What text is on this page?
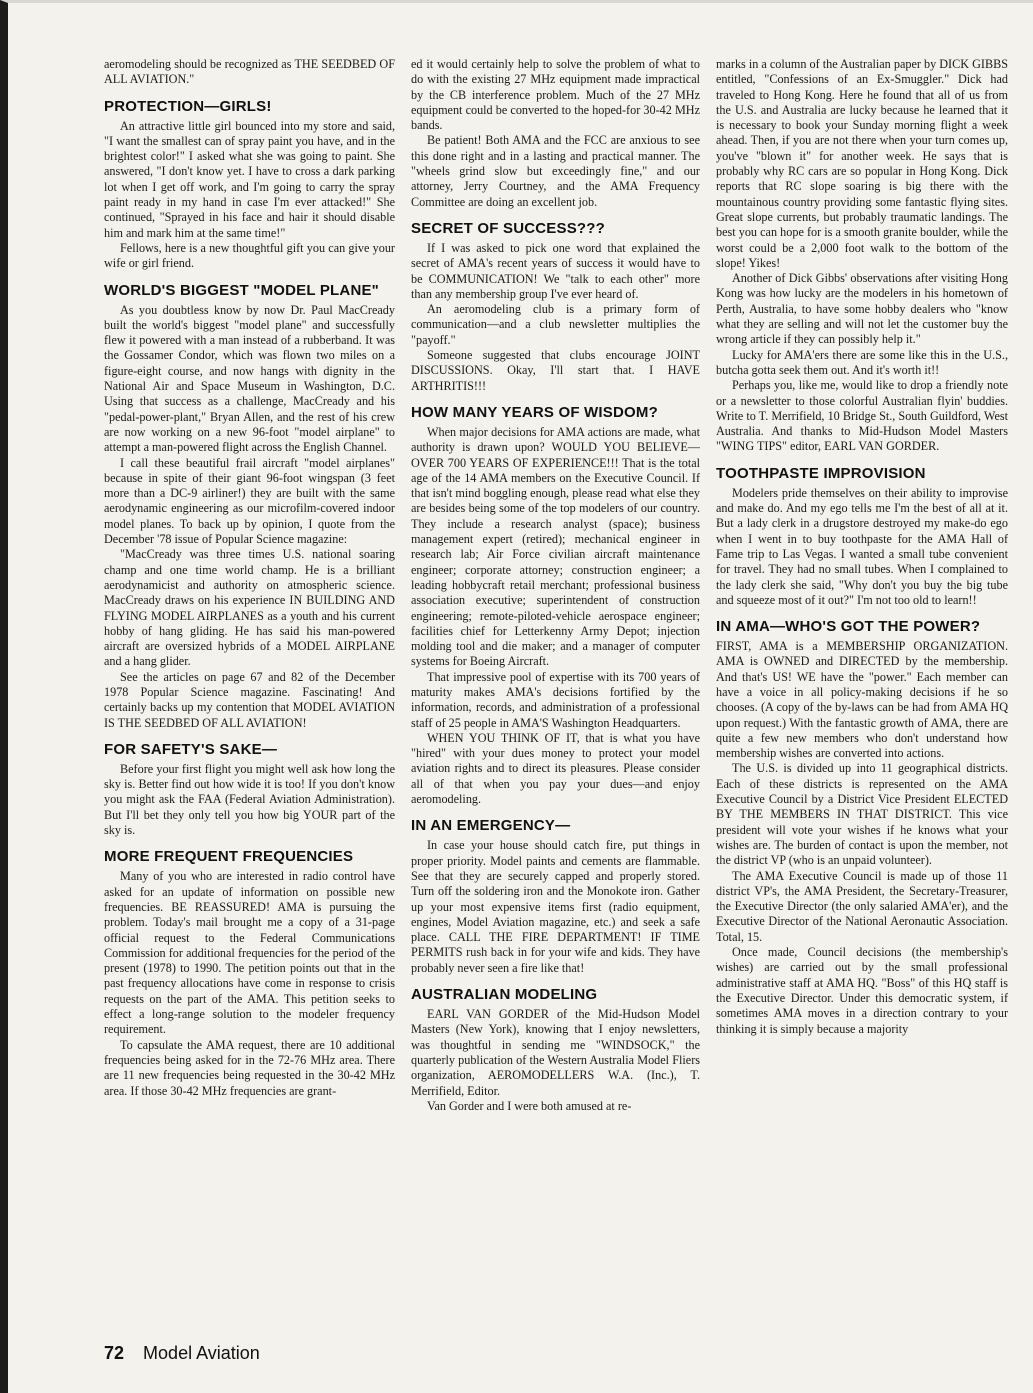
aeromodeling should be recognized as THE SEEDBED OF ALL AVIATION."

PROTECTION—GIRLS!

An attractive little girl bounced into my store and said, "I want the smallest can of spray paint you have, and in the brightest color!" I asked what she was going to paint. She answered, "I don't know yet. I have to cross a dark parking lot when I get off work, and I'm going to carry the spray paint ready in my hand in case I'm ever attacked!" She continued, "Sprayed in his face and hair it should disable him and mark him at the same time!"

Fellows, here is a new thoughtful gift you can give your wife or girl friend.

WORLD'S BIGGEST "MODEL PLANE"

As you doubtless know by now Dr. Paul MacCready built the world's biggest "model plane" and successfully flew it powered with a man instead of a rubberband. It was the Gossamer Condor, which was flown two miles on a figure-eight course, and now hangs with dignity in the National Air and Space Museum in Washington, D.C. Using that success as a challenge, MacCready and his "pedal-power-plant," Bryan Allen, and the rest of his crew are now working on a new 96-foot "model airplane" to attempt a man-powered flight across the English Channel.

I call these beautiful frail aircraft "model airplanes" because in spite of their giant 96-foot wingspan (3 feet more than a DC-9 airliner!) they are built with the same aerodynamic engineering as our microfilm-covered indoor model planes. To back up by opinion, I quote from the December '78 issue of Popular Science magazine:

"MacCready was three times U.S. national soaring champ and one time world champ. He is a brilliant aerodynamicist and authority on atmospheric science. MacCready draws on his experience IN BUILDING AND FLYING MODEL AIRPLANES as a youth and his current hobby of hang gliding. He has said his man-powered aircraft are oversized hybrids of a MODEL AIRPLANE and a hang glider.

See the articles on page 67 and 82 of the December 1978 Popular Science magazine. Fascinating! And certainly backs up my contention that MODEL AVIATION IS THE SEEDBED OF ALL AVIATION!

FOR SAFETY'S SAKE—

Before your first flight you might well ask how long the sky is. Better find out how wide it is too! If you don't know you might ask the FAA (Federal Aviation Administration). But I'll bet they only tell you how big YOUR part of the sky is.

MORE FREQUENT FREQUENCIES

Many of you who are interested in radio control have asked for an update of information on possible new frequencies. BE REASSURED! AMA is pursuing the problem. Today's mail brought me a copy of a 31-page official request to the Federal Communications Commission for additional frequencies for the period of the present (1978) to 1990. The petition points out that in the past frequency allocations have come in response to crisis requests on the part of the AMA. This petition seeks to effect a long-range solution to the modeler frequency requirement.

To capsulate the AMA request, there are 10 additional frequencies being asked for in the 72-76 MHz area. There are 11 new frequencies being requested in the 30-42 MHz area. If those 30-42 MHz frequencies are grant-

ed it would certainly help to solve the problem of what to do with the existing 27 MHz equipment made impractical by the CB interference problem. Much of the 27 MHz equipment could be converted to the hoped-for 30-42 MHz bands.

Be patient! Both AMA and the FCC are anxious to see this done right and in a lasting and practical manner. The "wheels grind slow but exceedingly fine," and our attorney, Jerry Courtney, and the AMA Frequency Committee are doing an excellent job.

SECRET OF SUCCESS???

If I was asked to pick one word that explained the secret of AMA's recent years of success it would have to be COMMUNICATION! We "talk to each other" more than any membership group I've ever heard of.

An aeromodeling club is a primary form of communication—and a club newsletter multiplies the "payoff."

Someone suggested that clubs encourage JOINT DISCUSSIONS. Okay, I'll start that. I HAVE ARTHRITIS!!!

HOW MANY YEARS OF WISDOM?

When major decisions for AMA actions are made, what authority is drawn upon? WOULD YOU BELIEVE—OVER 700 YEARS OF EXPERIENCE!!! That is the total age of the 14 AMA members on the Executive Council. If that isn't mind boggling enough, please read what else they are besides being some of the top modelers of our country. They include a research analyst (space); business management expert (retired); mechanical engineer in research lab; Air Force civilian aircraft maintenance engineer; corporate attorney; construction engineer; a leading hobbycraft retail merchant; professional business association executive; superintendent of construction engineering; remote-piloted-vehicle aerospace engineer; facilities chief for Letterkenny Army Depot; injection molding tool and die maker; and a manager of computer systems for Boeing Aircraft.

That impressive pool of expertise with its 700 years of maturity makes AMA's decisions fortified by the information, records, and administration of a professional staff of 25 people in AMA'S Washington Headquarters.

WHEN YOU THINK OF IT, that is what you have "hired" with your dues money to protect your model aviation rights and to direct its pleasures. Please consider all of that when you pay your dues—and enjoy aeromodeling.

IN AN EMERGENCY—

In case your house should catch fire, put things in proper priority. Model paints and cements are flammable. See that they are securely capped and properly stored. Turn off the soldering iron and the Monokote iron. Gather up your most expensive items first (radio equipment, engines, Model Aviation magazine, etc.) and seek a safe place. CALL THE FIRE DEPARTMENT! IF TIME PERMITS rush back in for your wife and kids. They have probably never seen a fire like that!

AUSTRALIAN MODELING

EARL VAN GORDER of the Mid-Hudson Model Masters (New York), knowing that I enjoy newsletters, was thoughtful in sending me "WINDSOCK," the quarterly publication of the Western Australia Model Fliers organization, AEROMODELLERS W.A. (Inc.), T. Merrifield, Editor.

Van Gorder and I were both amused at re-

marks in a column of the Australian paper by DICK GIBBS entitled, "Confessions of an Ex-Smuggler." Dick had traveled to Hong Kong. Here he found that all of us from the U.S. and Australia are lucky because he learned that it is necessary to book your Sunday morning flight a week ahead. Then, if you are not there when your turn comes up, you've "blown it" for another week. He says that is probably why RC cars are so popular in Hong Kong. Dick reports that RC slope soaring is big there with the mountainous country providing some fantastic flying sites. Great slope currents, but probably traumatic landings. The best you can hope for is a smooth granite boulder, while the worst could be a 2,000 foot walk to the bottom of the slope! Yikes!

Another of Dick Gibbs' observations after visiting Hong Kong was how lucky are the modelers in his hometown of Perth, Australia, to have some hobby dealers who "know what they are selling and will not let the customer buy the wrong article if they can possibly help it."

Lucky for AMA'ers there are some like this in the U.S., butcha gotta seek them out. And it's worth it!!

Perhaps you, like me, would like to drop a friendly note or a newsletter to those colorful Australian flyin' buddies. Write to T. Merrifield, 10 Bridge St., South Guildford, West Australia. And thanks to Mid-Hudson Model Masters "WING TIPS" editor, EARL VAN GORDER.

TOOTHPASTE IMPROVISION

Modelers pride themselves on their ability to improvise and make do. And my ego tells me I'm the best of all at it. But a lady clerk in a drugstore destroyed my make-do ego when I went in to buy toothpaste for the AMA Hall of Fame trip to Las Vegas. I wanted a small tube convenient for travel. They had no small tubes. When I complained to the lady clerk she said, "Why don't you buy the big tube and squeeze most of it out?" I'm not too old to learn!!

IN AMA—WHO'S GOT THE POWER?

FIRST, AMA is a MEMBERSHIP ORGANIZATION. AMA is OWNED and DIRECTED by the membership. And that's US! WE have the "power." Each member can have a voice in all policy-making decisions if he so chooses. (A copy of the by-laws can be had from AMA HQ upon request.) With the fantastic growth of AMA, there are quite a few new members who don't understand how membership wishes are converted into actions.

The U.S. is divided up into 11 geographical districts. Each of these districts is represented on the AMA Executive Council by a District Vice President ELECTED BY THE MEMBERS IN THAT DISTRICT. This vice president will vote your wishes if he knows what your wishes are. The burden of contact is upon the member, not the district VP (who is an unpaid volunteer).

The AMA Executive Council is made up of those 11 district VP's, the AMA President, the Secretary-Treasurer, the Executive Director (the only salaried AMA'er), and the Executive Director of the National Aeronautic Association. Total, 15.

Once made, Council decisions (the membership's wishes) are carried out by the small professional administrative staff at AMA HQ. "Boss" of this HQ staff is the Executive Director. Under this democratic system, if sometimes AMA moves in a direction contrary to your thinking it is simply because a majority

72 Model Aviation
